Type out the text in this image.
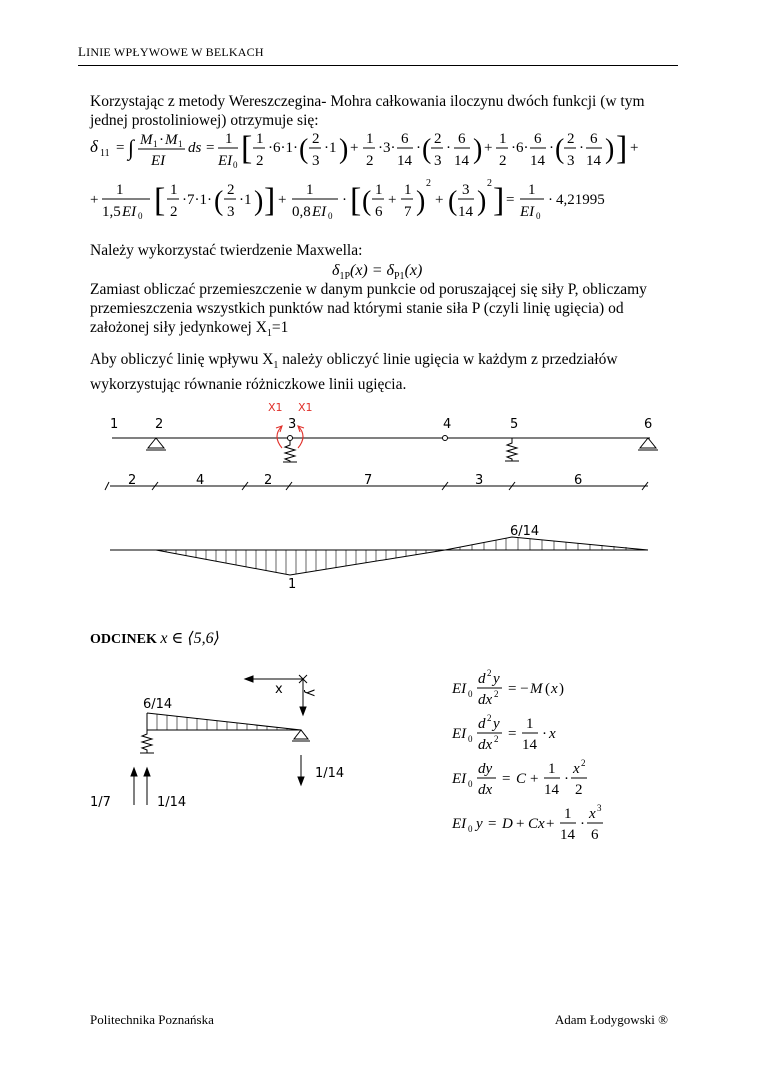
LINIE WPŁYWOWE W BELKACH
Korzystając z metody Wereszczegina- Mohra całkowania iloczynu dwóch funkcji (w tym jednej prostoliniowej) otrzymuje się:
δ 11 = ∫ M 1 · M 1
EI
ds =
1
EI 0 [ 1
2
·6·1· ( 2
3
·1 ) +
1
2
·3·
6
14
· ( 2
3
·
6
14 ) +
1
2
·6·
6
14
· ( 2
3
·
6
14 ) ] +
+
1
1,5 EI 0 [ 1
2
·7·1· ( 2
3
·1 ) ] +
1
0,8 EI 0
· [ ( 1
6
+
1
7 )
2
+ ( 3
14 )
2 ] =
1
EI 0
· 4,21995
Należy wykorzystać twierdzenie Maxwella:
$\delta_{1P}(x) = \delta_{P1}(x)$
Zamiast obliczać przemieszczenie w danym punkcie od poruszającej się siły P, obliczamy przemieszczenia wszystkich punktów nad którymi stanie siła P (czyli linię ugięcia) od założonej siły jedynkowej $X_1=1$
Aby obliczyć linię wpływu $X_1$ należy obliczyć linie ugięcia w każdym z przedziałów wykorzystując równanie różniczkowe linii ugięcia.
X1 X1
1	2	3	4	5	6
2	4	2	7	3	6
6/14
1
ODCINEK x ∈ ⟨5,6⟩
6/14
x y
1/14
1/7	1/14
EI 0
d 2 y
dx 2 = − M ( x )
EI 0
d 2 y
dx 2 =
1
14
· x
EI 0
dy
dx
= C +
1
14
·
x 2
2
EI 0 y = D + Cx +
1
14
·
x 3
6
Politechnika Poznańska	Adam Łodygowski ®
